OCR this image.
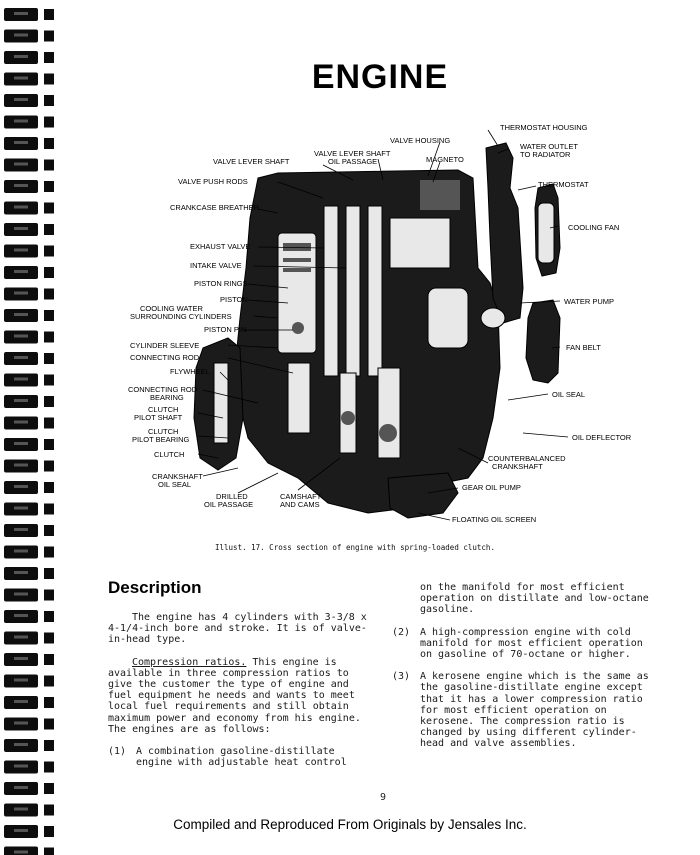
ENGINE
VALVE HOUSING
THERMOSTAT HOUSING
VALVE LEVER SHAFT
OIL PASSAGE
VALVE LEVER SHAFT	MAGNETO
WATER OUTLET
TO RADIATOR
VALVE PUSH RODS	THERMOSTAT
CRANKCASE BREATHER
COOLING FAN
EXHAUST VALVE
INTAKE VALVE
PISTON RINGS
PISTON
COOLING WATER
SURROUNDING CYLINDERS
WATER PUMP
PISTON PIN
FAN BELT
CYLINDER SLEEVE
CONNECTING ROD
FLYWHEEL
CONNECTING ROD
BEARING	OIL SEAL
CLUTCH
PILOT SHAFT
OIL DEFLECTOR
CLUTCH
PILOT BEARING
CLUTCH	COUNTERBALANCED
CRANKSHAFT
CRANKSHAFT
OIL SEAL	GEAR OIL PUMP
DRILLED
OIL PASSAGE
CAMSHAFT
AND CAMS
FLOATING OIL SCREEN
Illust. 17. Cross section of engine with spring-loaded clutch.
Description

The engine has 4 cylinders with 3-3/8 x 4-1/4-inch bore and stroke. It is of valve-in-head type.

Compression ratios. This engine is available in three compression ratios to give the customer the type of engine and fuel equipment he needs and wants to meet local fuel requirements and still obtain maximum power and economy from his engine. The engines are as follows:

(1) A combination gasoline-distillate engine with adjustable heat control

on the manifold for most efficient operation on distillate and low-octane gasoline.

(2) A high-compression engine with cold manifold for most efficient operation on gasoline of 70-octane or higher.
(3) A kerosene engine which is the same as the gasoline-distillate engine except that it has a lower compression ratio for most efficient operation on kerosene. The compression ratio is changed by using different cylinder-head and valve assemblies.
9
Compiled and Reproduced From Originals by Jensales Inc.
